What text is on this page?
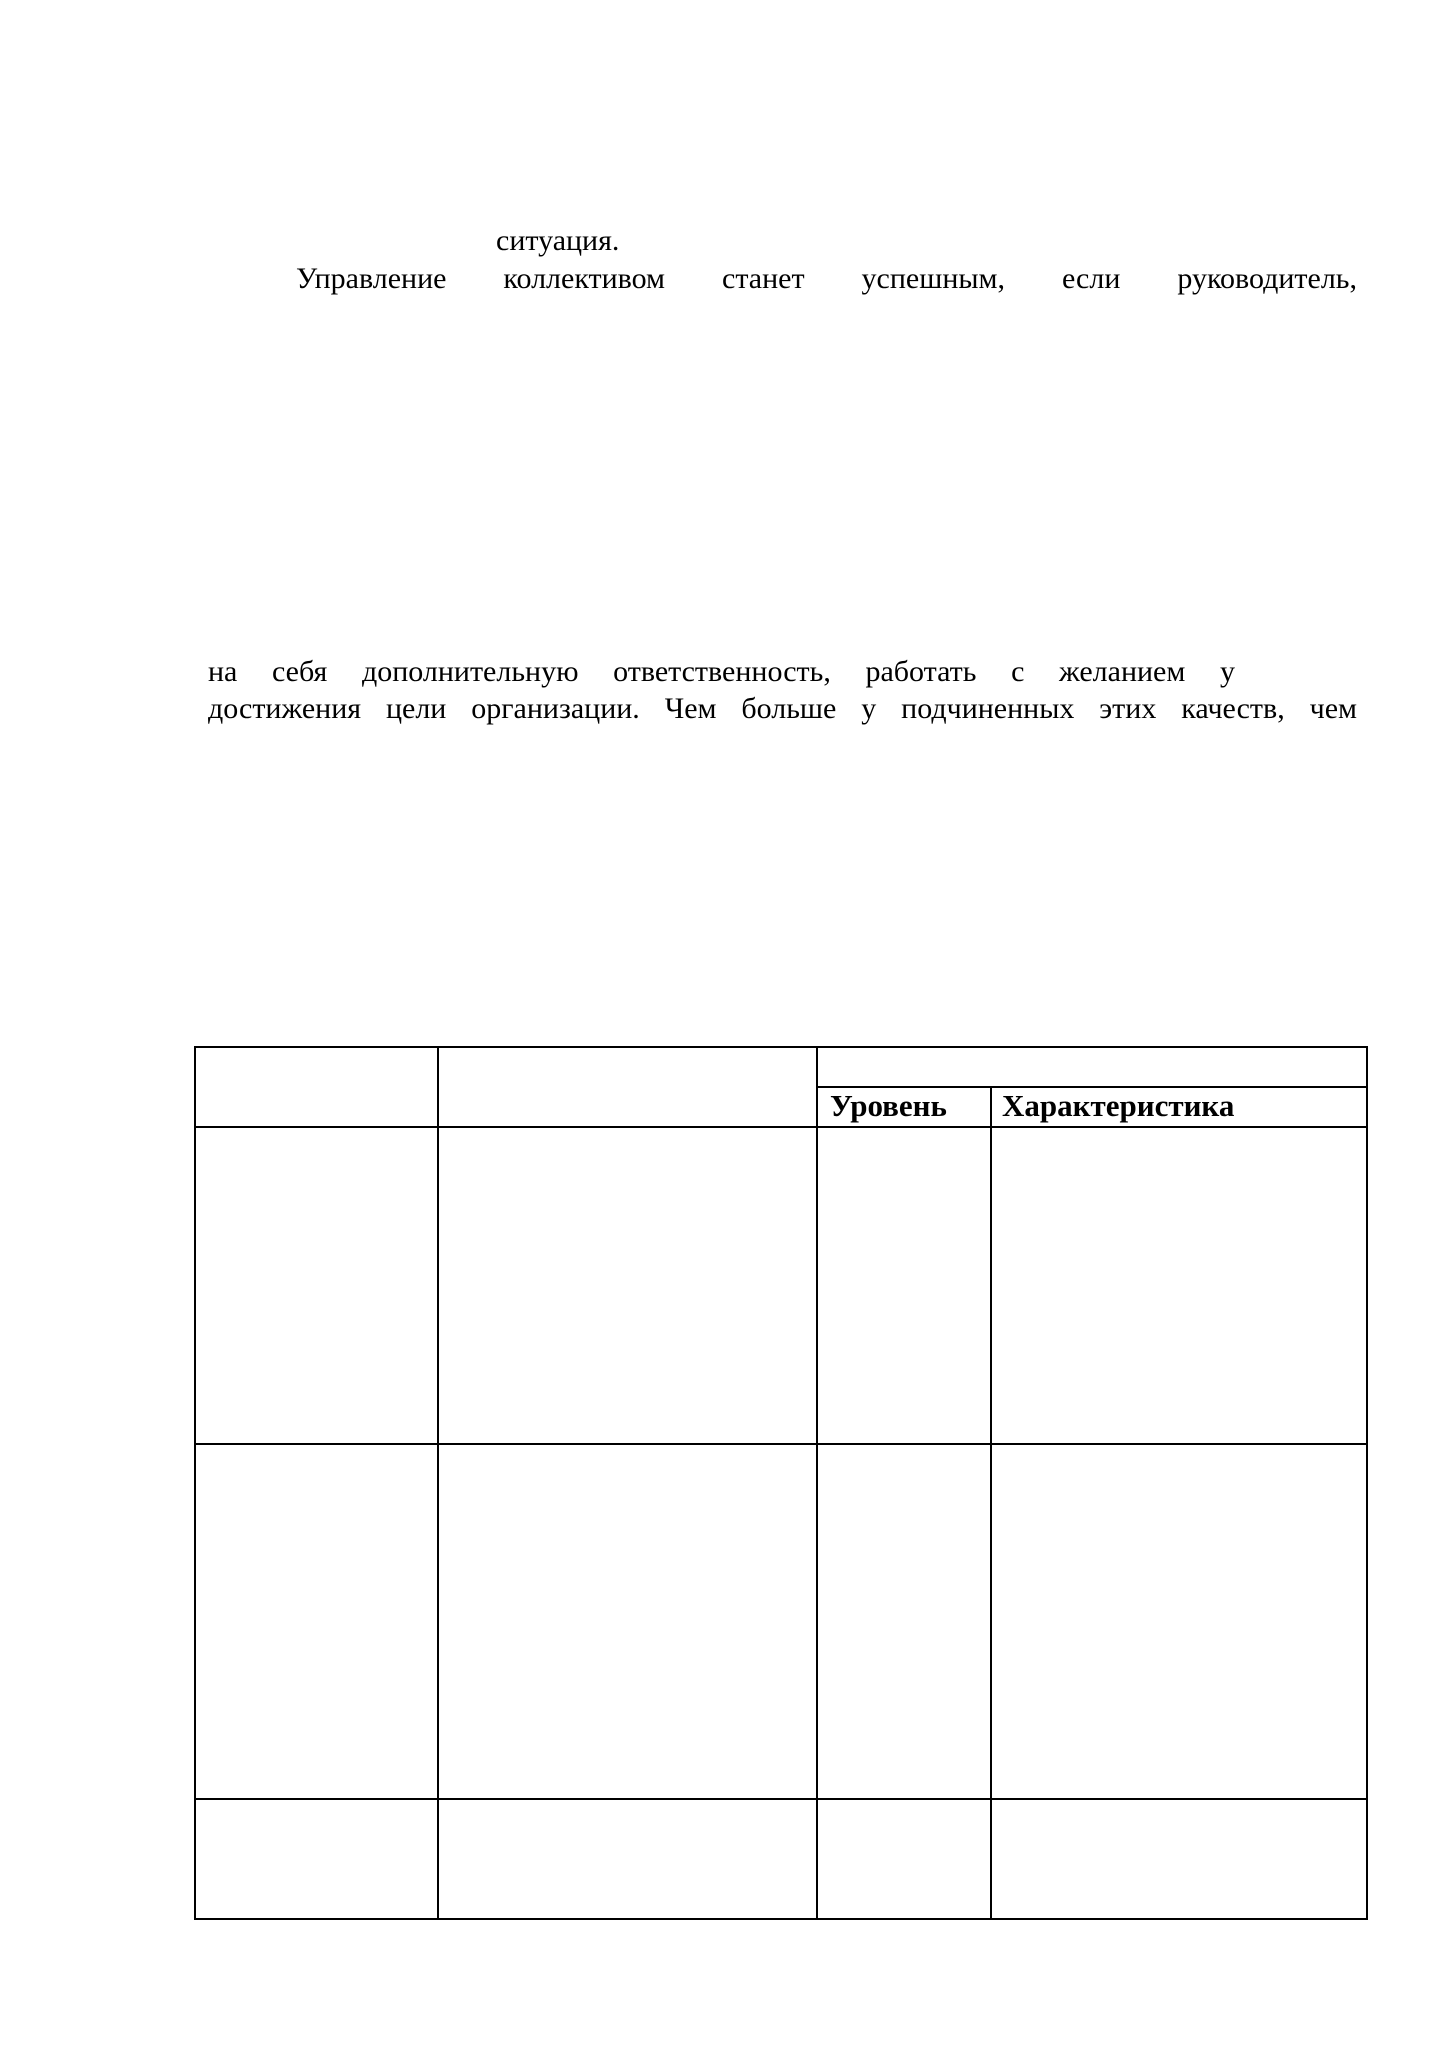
ситуация.
Управление коллективом станет успешным, если руководитель,
на себя дополнительную ответственность, работать с желанием у
достижения цели организации. Чем больше у подчиненных этих качеств, чем
Уровень Характеристика
